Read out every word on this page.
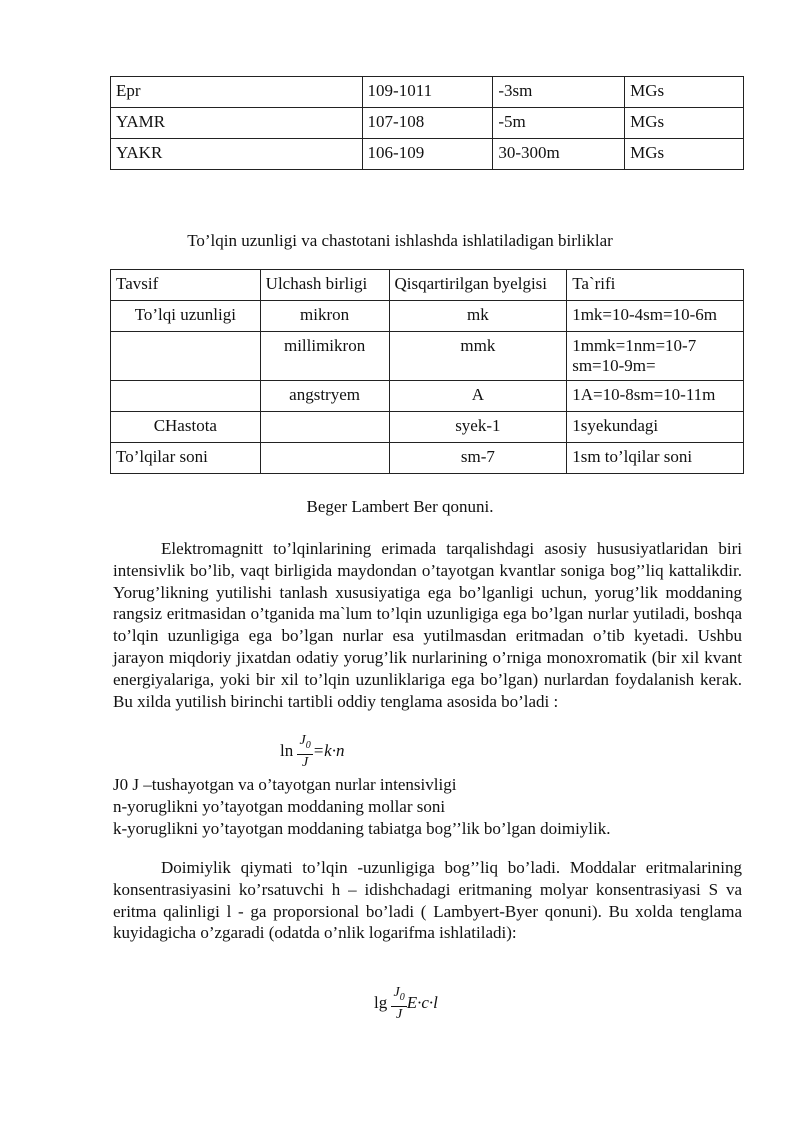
Epr	109-1011	-3sm	MGs
YAMR	107-108	-5m	MGs
YAKR	106-109	30-300m	MGs
To’lqin uzunligi va chastotani ishlashda ishlatiladigan birliklar
Tavsif	Ulchash birligi	Qisqartirilgan byelgisi	Ta`rifi
To’lqi uzunligi	mikron	mk	1mk=10-4sm=10-6m
	millimikron	mmk	1mmk=1nm=10-7 sm=10-9m=
	angstryem	A	1A=10-8sm=10-11m
CHastota		syek-1	1syekundagi
To’lqilar soni		sm-7	1sm to’lqilar soni
Beger Lambert Ber qonuni.
Elektromagnitt to’lqinlarining erimada tarqalishdagi asosiy hususiyatlaridan biri intensivlik bo’lib, vaqt birligida maydondan o’tayotgan kvantlar soniga bog’’liq kattalikdir. Yorug’likning yutilishi tanlash xususiyatiga ega bo’lganligi uchun, yorug’lik moddaning rangsiz eritmasidan o’tganida ma`lum to’lqin uzunligiga ega bo’lgan nurlar yutiladi, boshqa to’lqin uzunligiga ega bo’lgan nurlar esa yutilmasdan eritmadan o’tib kyetadi. Ushbu jarayon miqdoriy jixatdan odatiy yorug’lik nurlarining o’rniga monoxromatik (bir xil kvant energiyalariga, yoki bir xil to’lqin uzunliklariga ega bo’lgan) nurlardan foydalanish kerak. Bu xilda yutilish birinchi tartibli oddiy tenglama asosida bo’ladi :
$\ln \frac{J_0}{J} =k\cdot n$
J0 J –tushayotgan va o’tayotgan nurlar intensivligi
n-yoruglikni yo’tayotgan moddaning mollar soni
k-yoruglikni yo’tayotgan moddaning tabiatga bog’’lik bo’lgan doimiylik.
Doimiylik qiymati to’lqin -uzunligiga bog’’liq bo’ladi. Moddalar eritmalarining konsentrasiyasini ko’rsatuvchi h – idishchadagi eritmaning molyar konsentrasiyasi S va eritma qalinligi l - ga proporsional bo’ladi ( Lambyert-Byer qonuni). Bu xolda tenglama kuyidagicha o’zgaradi (odatda o’nlik logarifma ishlatiladi):
$\lg \frac{J_0}{J} E\cdot c\cdot l$
